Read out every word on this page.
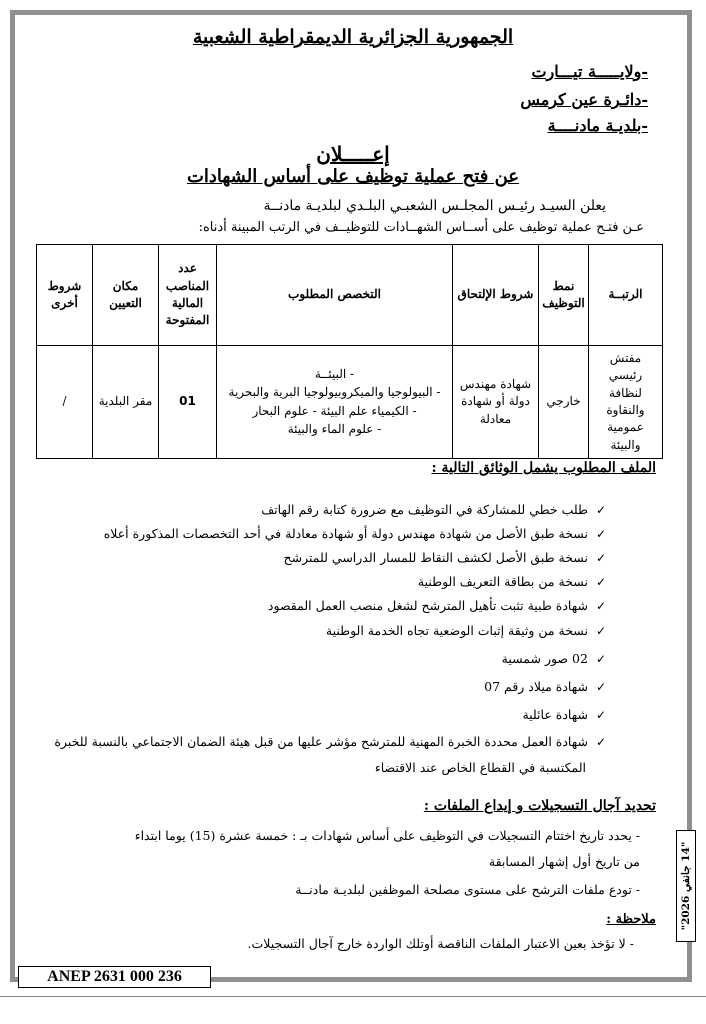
الجمهورية الجزائرية الديمقراطية الشعبية
-ولايـــــة تيـــارت
-دائـرة عين كرمس
-بلديـة مادنــــة
إعـــــلان
عن فتح عملية توظيف على أساس الشهادات
يعلن السيـد رئيـس المجلـس الشعبـي البلـدي لبلديـة مادنــة
عـن فتـح عملية توظيف على أســاس الشهــادات للتوظيــف في الرتب المبينة أدناه:
الرتبــة	نمط التوظيف	شروط الإلتحاق	التخصص المطلوب	عدد المناصب المالية المفتوحة	مكان التعيين	شروط أخرى
مفتش رئيسي لنظافة والنقاوة عمومية والبيئة	خارجي	شهادة مهندس دولة أو شهادة معادلة	- البيئــة
- البيولوجيا والميكروبيولوجيا البرية والبحرية
- الكيمياء علم البيئة - علوم البحار
- علوم الماء والبيئة	01	مقر البلدية	/
الملف المطلوب يشمل الوثائق التالية :
✓طلب خطي للمشاركة في التوظيف مع ضرورة كتابة رقم الهاتف
✓نسخة طبق الأصل من شهادة مهندس دولة أو شهادة معادلة في أحد التخصصات المذكورة أعلاه
✓نسخة طبق الأصل لكشف النقاط للمسار الدراسي للمترشح
✓نسخة من بطاقة التعريف الوطنية
✓شهادة طبية تثبت تأهيل المترشح لشغل منصب العمل المقصود
✓نسخة من وثيقة إثبات الوضعية تجاه الخدمة الوطنية
✓02 صور شمسية
✓شهادة ميلاد رقم 07
✓شهادة عائلية
✓شهادة العمل محددة الخبرة المهنية للمترشح مؤشر عليها من قبل هيئة الضمان الاجتماعي بالنسبة للخبرة
المكتسبة في القطاع الخاص عند الاقتضاء
تحديد آجال التسجيلات و إيداع الملفات :
- يحدد تاريخ اختتام التسجيلات في التوظيف على أساس شهادات بـ : خمسة عشرة (15) يوما ابتداء
من تاريخ أول إشهار المسابقة
- تودع ملفات الترشح على مستوى مصلحة الموظفين لبلديـة مادنــة
ملاحظة :
- لا تؤخذ بعين الاعتبار الملفات الناقصة أوتلك الواردة خارج آجال التسجيلات.
"14 جانفي 2026"
ANEP 2631 000 236
